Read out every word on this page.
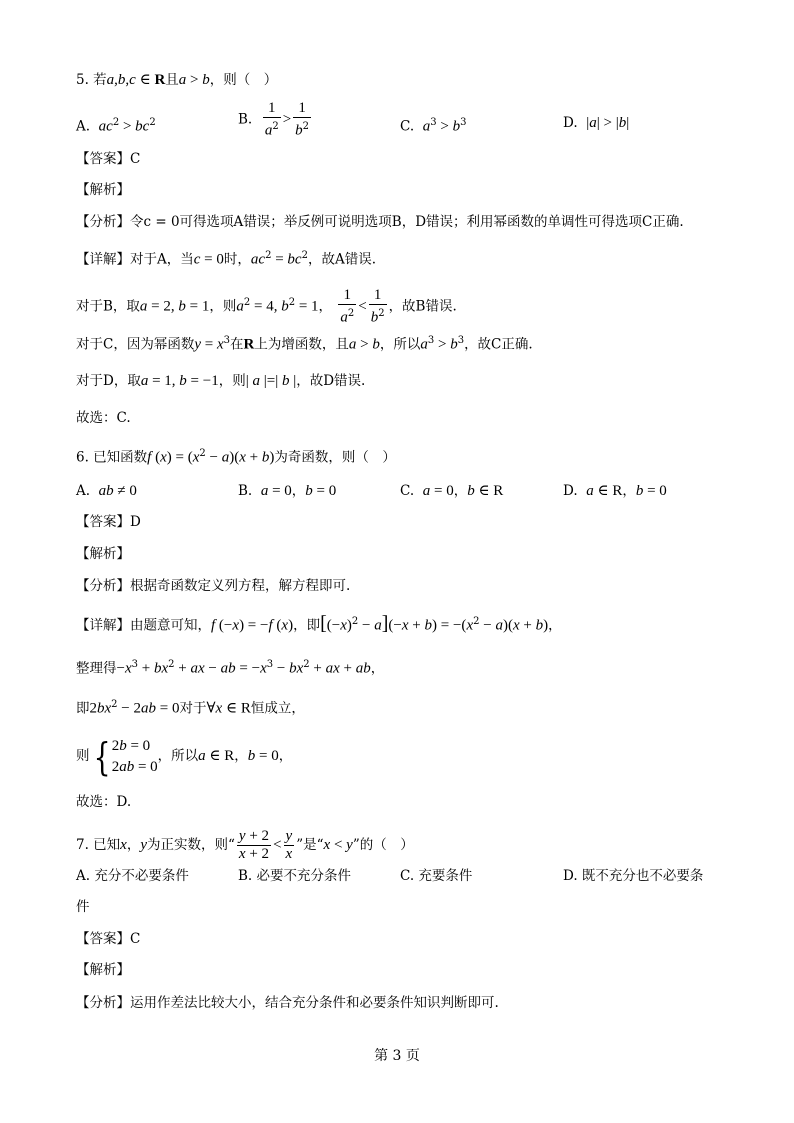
5. 若a,b,c ∈ R且a > b，则（　）
A. $ac^2 > bc^2$	B. $\frac{1}{a^2} > \frac{1}{b^2}$	C. $a^3 > b^3$	D. |a| > |b|
【答案】C
【解析】
【分析】令c = 0可得选项A错误；举反例可说明选项B，D错误；利用幂函数的单调性可得选项C正确.
【详解】对于A，当c = 0时，$ac^2 = bc^2$，故A错误.
对于B，取a = 2, b = 1，则$a^2 = 4$, $b^2 = 1$， $\frac{1}{a^2} < \frac{1}{b^2}$ ，故B错误.
对于C，因为幂函数$y = x^3$在R上为增函数，且a > b，所以$a^3 > b^3$，故C正确.
对于D，取a = 1, b = −1，则| a |=| b |，故D错误.
故选：C.
6. 已知函数f $(x) = (x^2 - a)(x + b)$为奇函数，则（　）
A. ab ≠ 0	B. a = 0，b = 0	C. a = 0，b ∈ R	D. a ∈ R，b = 0
【答案】D
【解析】
【分析】根据奇函数定义列方程，解方程即可.
【详解】由题意可知，f (−x) = −f (x)，即$[(-x)^2 - a](-x + b) = -(x^2 - a)(x + b)$，
整理得$-x^3 + bx^2$ + ax − ab = $-x^3 - bx^2$ + ax + ab，
即$2bx^2 - 2ab = 0$对于∀x ∈ R恒成立，
则{ 2b = 0
2ab = 0，所以a ∈ R，b = 0，
故选：D.
7. 已知x，y为正实数，则“ $\frac{y + 2}{x + 2} < \frac{y}{x}$ ”是“x < y”的（　）
A. 充分不必要条件	B. 必要不充分条件	C. 充要条件	D. 既不充分也不必要条
件
【答案】C
【解析】
【分析】运用作差法比较大小，结合充分条件和必要条件知识判断即可.
第 3 页
